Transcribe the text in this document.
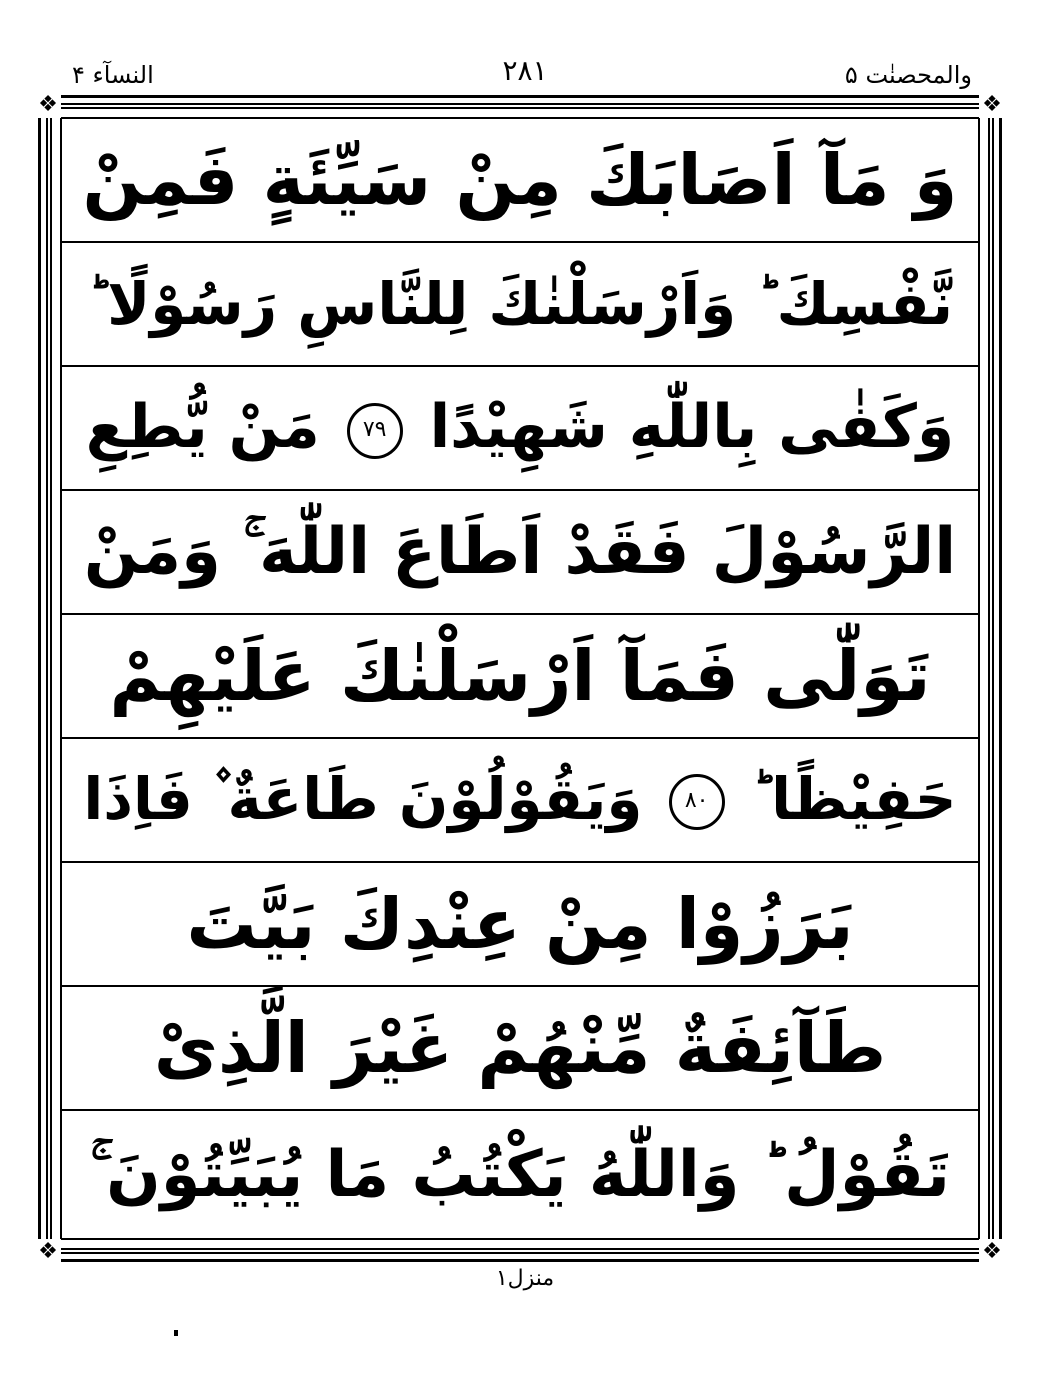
النسآء ۴	۲۸۱	والمحصنٰت ۵
❖	❖
❖	❖
وَ مَآ اَصَابَكَ مِنْ سَيِّئَةٍ فَمِنْ
نَّفْسِكَ ؕ وَاَرْسَلْنٰكَ لِلنَّاسِ رَسُوْلًا ؕ
وَكَفٰى بِاللّٰهِ شَهِيْدًا ۷۹ مَنْ يُّطِعِ
الرَّسُوْلَ فَقَدْ اَطَاعَ اللّٰهَ ۚ وَمَنْ
تَوَلّٰى فَمَآ اَرْسَلْنٰكَ عَلَيْهِمْ
حَفِيْظًا ؕ ۸۰ وَيَقُوْلُوْنَ طَاعَةٌ ۫ فَاِذَا
بَرَزُوْا مِنْ عِنْدِكَ بَيَّتَ
طَآئِفَةٌ مِّنْهُمْ غَيْرَ الَّذِىْ
تَقُوْلُ ؕ وَاللّٰهُ يَكْتُبُ مَا يُبَيِّتُوْنَ ۚ
منزل۱
